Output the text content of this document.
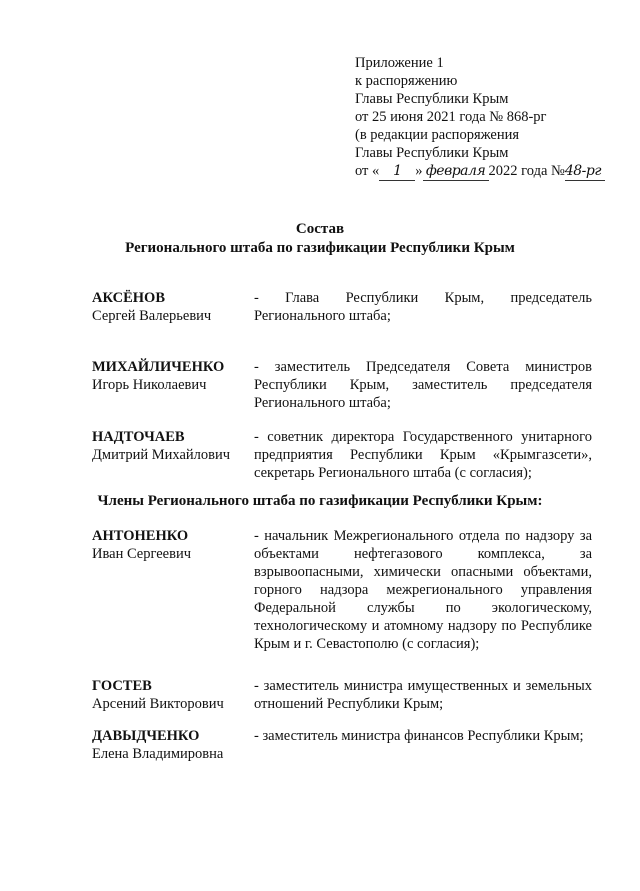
Приложение 1
к распоряжению
Главы Республики Крым
от 25 июня 2021 года № 868-рг
(в редакции распоряжения
Главы Республики Крым
от « 1 » февраля 2022 года №48-рг
Состав
Регионального штаба по газификации Республики Крым
АКСЁНОВ
Сергей Валерьевич
- Глава Республики Крым, председатель Регионального штаба;
МИХАЙЛИЧЕНКО
Игорь Николаевич
- заместитель Председателя Совета министров Республики Крым, заместитель председателя Регионального штаба;
НАДТОЧАЕВ
Дмитрий Михайлович
- советник директора Государственного унитарного предприятия Республики Крым «Крымгазсети», секретарь Регионального штаба (с согласия);
Члены Регионального штаба по газификации Республики Крым:
АНТОНЕНКО
Иван Сергеевич
- начальник Межрегионального отдела по надзору за объектами нефтегазового комплекса, за взрывоопасными, химически опасными объектами, горного надзора межрегионального управления Федеральной службы по экологическому, технологическому и атомному надзору по Республике Крым и г. Севастополю (с согласия);
ГОСТЕВ
Арсений Викторович
- заместитель министра имущественных и земельных отношений Республики Крым;
ДАВЫДЧЕНКО
Елена Владимировна
- заместитель министра финансов Республики Крым;
